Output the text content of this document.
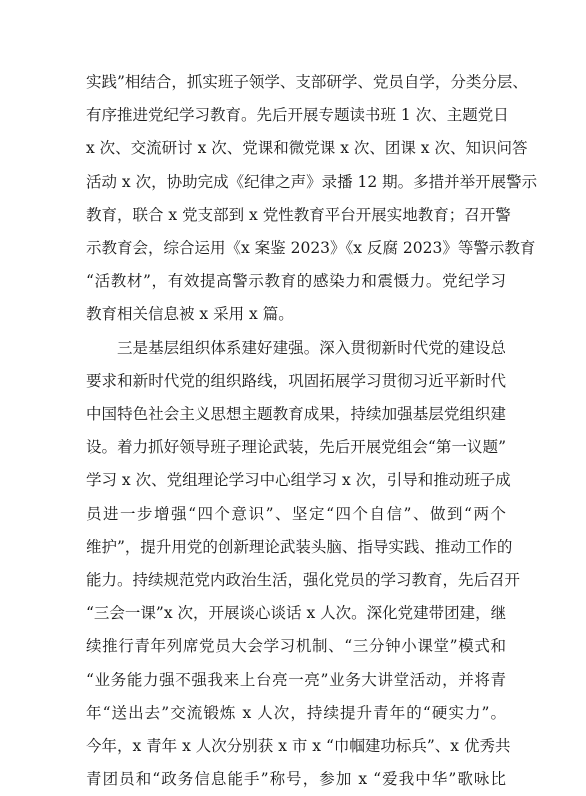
实践”相结合，抓实班子领学、支部研学、党员自学，分类分层、
有序推进党纪学习教育。先后开展专题读书班 1 次、主题党日
x 次、交流研讨 x 次、党课和微党课 x 次、团课 x 次、知识问答
活动 x 次，协助完成《纪律之声》录播 12 期。多措并举开展警示
教育，联合 x 党支部到 x 党性教育平台开展实地教育；召开警
示教育会，综合运用《x 案鉴 2023》《x 反腐 2023》等警示教育
“活教材”，有效提高警示教育的感染力和震慑力。党纪学习
教育相关信息被 x 采用 x 篇。

三是基层组织体系建好建强。深入贯彻新时代党的建设总
要求和新时代党的组织路线，巩固拓展学习贯彻习近平新时代
中国特色社会主义思想主题教育成果，持续加强基层党组织建
设。着力抓好领导班子理论武装，先后开展党组会“第一议题”
学习 x 次、党组理论学习中心组学习 x 次，引导和推动班子成
员进一步增强“四个意识”、坚定“四个自信”、做到“两个
维护”，提升用党的创新理论武装头脑、指导实践、推动工作的
能力。持续规范党内政治生活，强化党员的学习教育，先后召开
“三会一课”x 次，开展谈心谈话 x 人次。深化党建带团建，继
续推行青年列席党员大会学习机制、“三分钟小课堂”模式和
“业务能力强不强我来上台亮一亮”业务大讲堂活动，并将青
年“送出去”交流锻炼 x 人次，持续提升青年的“硬实力”。
今年，x 青年 x 人次分别获 x 市 x “巾帼建功标兵”、x 优秀共
青团员和“政务信息能手”称号，参加 x “爱我中华”歌咏比
